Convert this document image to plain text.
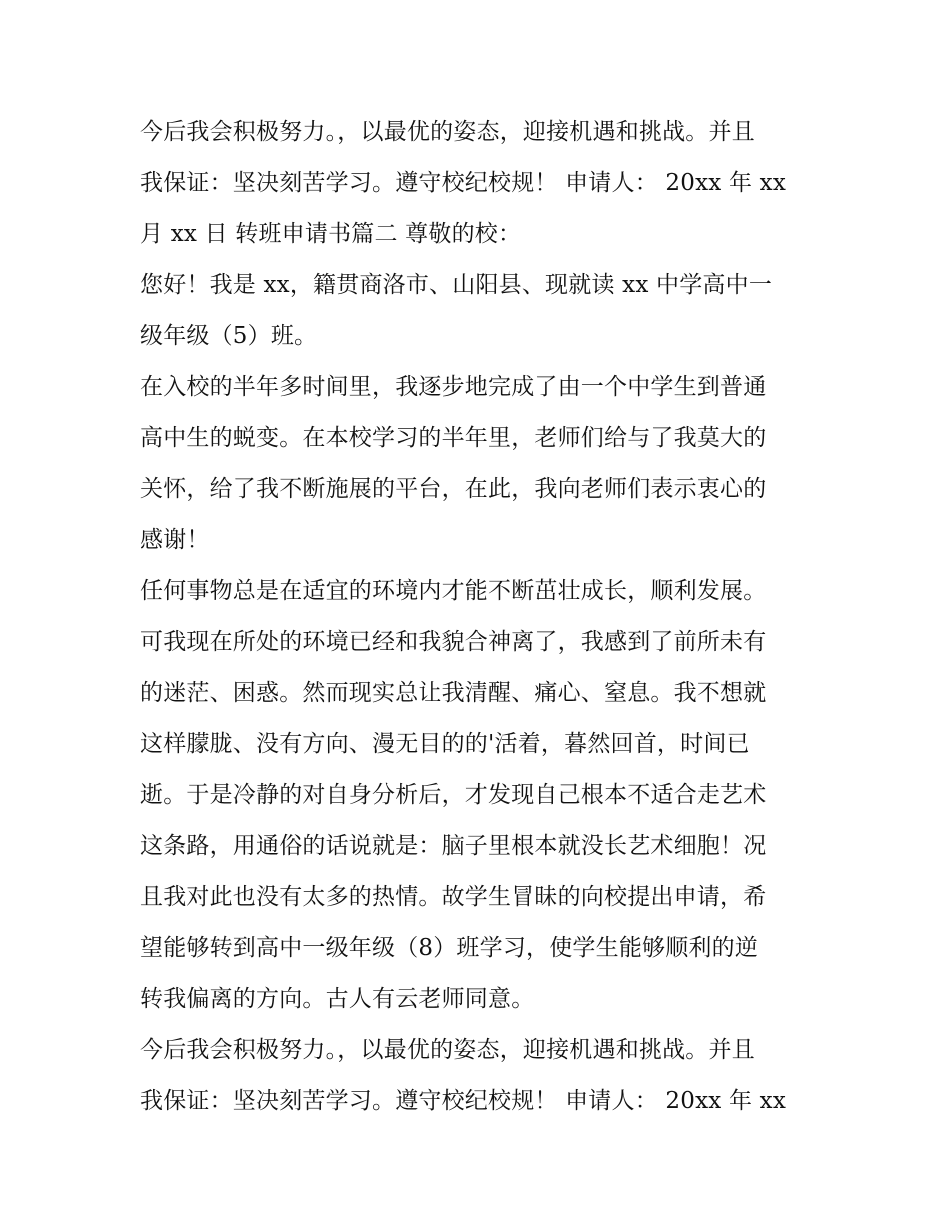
今后我会积极努力。，以最优的姿态，迎接机遇和挑战。并且
我保证：坚决刻苦学习。遵守校纪校规！ 申请人： 20xx 年 xx
月 xx 日 转班申请书篇二 尊敬的校：
您好！我是 xx，籍贯商洛市、山阳县、现就读 xx 中学高中一
级年级（5）班。
在入校的半年多时间里，我逐步地完成了由一个中学生到普通
高中生的蜕变。在本校学习的半年里，老师们给与了我莫大的
关怀，给了我不断施展的平台，在此，我向老师们表示衷心的
感谢！
任何事物总是在适宜的环境内才能不断茁壮成长，顺利发展。
可我现在所处的环境已经和我貌合神离了，我感到了前所未有
的迷茫、困惑。然而现实总让我清醒、痛心、窒息。我不想就
这样朦胧、没有方向、漫无目的的'活着，暮然回首，时间已
逝。于是冷静的对自身分析后，才发现自己根本不适合走艺术
这条路，用通俗的话说就是：脑子里根本就没长艺术细胞！况
且我对此也没有太多的热情。故学生冒昧的向校提出申请，希
望能够转到高中一级年级（8）班学习，使学生能够顺利的逆
转我偏离的方向。古人有云老师同意。
今后我会积极努力。，以最优的姿态，迎接机遇和挑战。并且
我保证：坚决刻苦学习。遵守校纪校规！ 申请人： 20xx 年 xx
